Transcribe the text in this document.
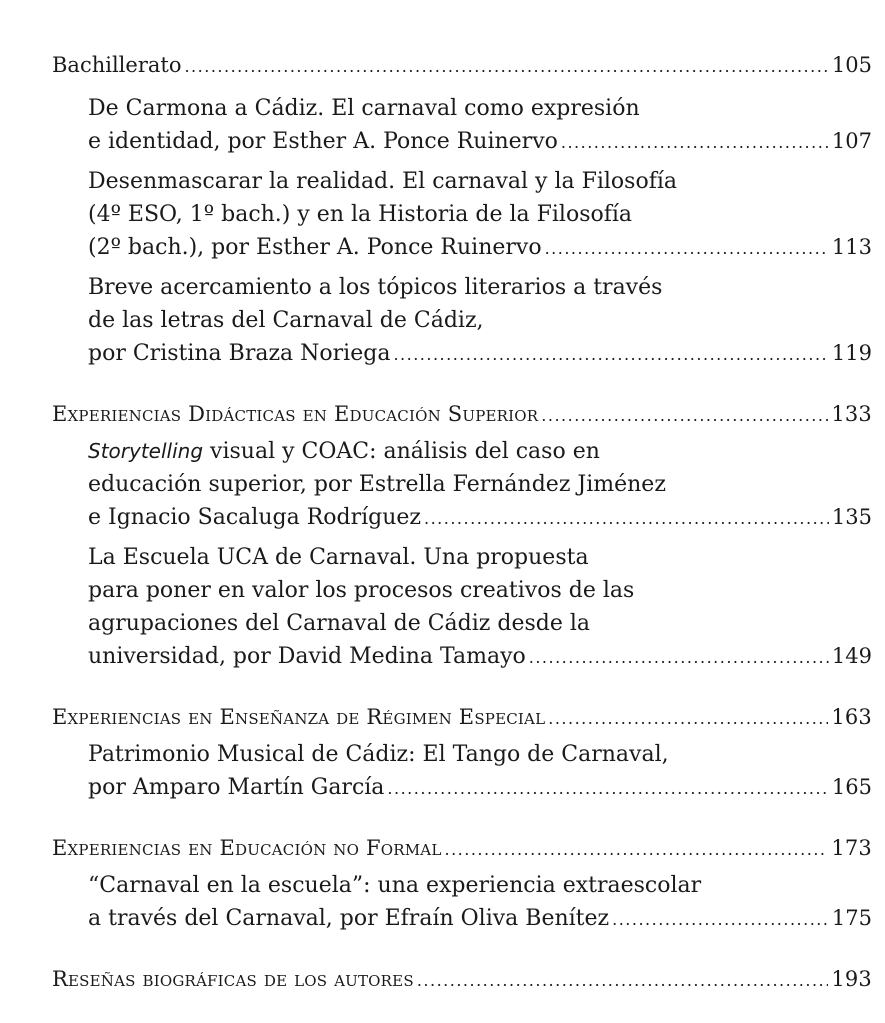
Bachillerato .....	105
De Carmona a Cádiz. El carnaval como expresión
e identidad, por Esther A. Ponce Ruinervo .....	107
Desenmascarar la realidad. El carnaval y la Filosofía
(4º ESO, 1º bach.) y en la Historia de la Filosofía
(2º bach.), por Esther A. Ponce Ruinervo .....	113
Breve acercamiento a los tópicos literarios a través
de las letras del Carnaval de Cádiz,
por Cristina Braza Noriega .....	119
Experiencias Didácticas en Educación Superior .....	133
Storytelling visual y COAC: análisis del caso en
educación superior, por Estrella Fernández Jiménez
e Ignacio Sacaluga Rodríguez .....	135
La Escuela UCA de Carnaval. Una propuesta
para poner en valor los procesos creativos de las
agrupaciones del Carnaval de Cádiz desde la
universidad, por David Medina Tamayo .....	149
Experiencias en Enseñanza de Régimen Especial .....	163
Patrimonio Musical de Cádiz: El Tango de Carnaval,
por Amparo Martín García .....	165
Experiencias en Educación no Formal .....	173
“Carnaval en la escuela”: una experiencia extraescolar
a través del Carnaval, por Efraín Oliva Benítez .....	175
Reseñas biográficas de los autores .....	193
